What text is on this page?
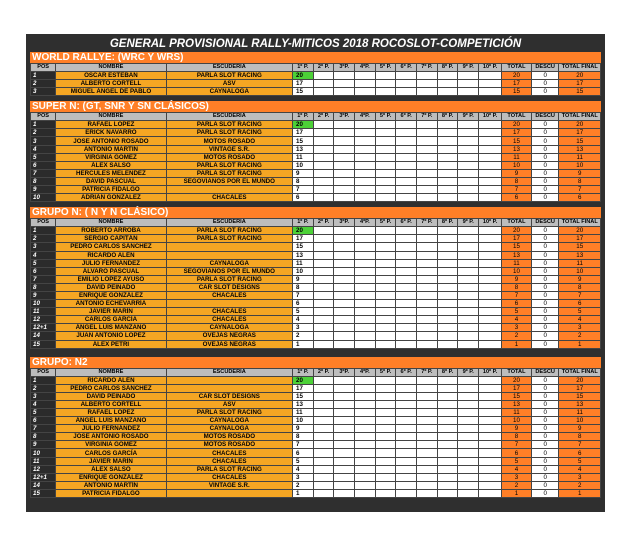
GENERAL PROVISIONAL RALLY-MITICOS 2018 ROCOSLOT-COMPETICIÓN
WORLD RALLYE: (WRC Y WRS)
POS	NOMBRE	ESCUDERIA	1º P.	2º P.	3ºP.	4ºP.	5º P.	6º P.	7º P.	8º P.	9º P.	10º P.	TOTAL	DESCU	TOTAL FINAL
1	OSCAR ESTEBAN	PARLA SLOT RACING	20										20	0	20
2	ALBERTO CORTELL	ASV	17										17	0	17
3	MIGUEL ÁNGEL DE PABLO	CAYNALOGA	15										15	0	15
SUPER N: (GT, SNR Y SN CLÁSICOS)
POS	NOMBRE	ESCUDERIA	1º P.	2º P.	3ºP.	4ºP.	5º P.	6º P.	7º P.	8º P.	9º P.	10º P.	TOTAL	DESCU	TOTAL FINAL
1	RAFAEL LÓPEZ	PARLA SLOT RACING	20										20	0	20
2	ERICK NAVARRO	PARLA SLOT RACING	17										17	0	17
3	JOSE ANTONIO ROSADO	MOTOS ROSADO	15										15	0	15
4	ANTONIO MARTIN	VINTAGE S.R.	13										13	0	13
5	VIRGINIA GÓMEZ	MOTOS ROSADO	11										11	0	11
6	ÁLEX SALSO	PARLA SLOT RACING	10										10	0	10
7	HERCULES MELENDEZ	PARLA SLOT RACING	9										9	0	9
8	DAVID PASCUAL	SEGOVIANOS POR EL MUNDO	8										8	0	8
9	PATRICIA FIDALGO		7										7	0	7
10	ADRIÁN GONZÁLEZ	CHACALES	6										6	0	6
GRUPO N: ( N Y N CLÁSICO)
POS	NOMBRE	ESCUDERIA	1º P.	2º P.	3ºP.	4ºP.	5º P.	6º P.	7º P.	8º P.	9º P.	10º P.	TOTAL	DESCU	TOTAL FINAL
1	ROBERTO ARROBA	PARLA SLOT RACING	20										20	0	20
2	SERGIO CAPITÁN	PARLA SLOT RACING	17										17	0	17
3	PEDRO CARLOS SÁNCHEZ		15										15	0	15
4	RICARDO ALÉN		13										13	0	13
5	JULIO FERNÁNDEZ	CAYNALOGA	11										11	0	11
6	ÁLVARO PASCUAL	SEGOVIANOS POR EL MUNDO	10										10	0	10
7	EMILIO LÓPEZ AYUSO	PARLA SLOT RACING	9										9	0	9
8	DAVID PEINADO	CAR SLOT DESIGNS	8										8	0	8
9	ENRIQUE GONZÁLEZ	CHACALES	7										7	0	7
10	ANTONIO ECHEVARRÍA		6										6	0	6
11	JAVIER MARÍN	CHACALES	5										5	0	5
12	CARLOS GARCÍA	CHACALES	4										4	0	4
12+1	ÁNGEL LUIS MANZANO	CAYNALOGA	3										3	0	3
14	JUAN ANTONIO LÓPEZ	OVEJAS NEGRAS	2										2	0	2
15	ÁLEX PETRI	OVEJAS NEGRAS	1										1	0	1
GRUPO: N2
POS	NOMBRE	ESCUDERIA	1º P.	2º P.	3ºP.	4ºP.	5º P.	6º P.	7º P.	8º P.	9º P.	10º P.	TOTAL	DESCU	TOTAL FINAL
1	RICARDO ALÉN		20										20	0	20
2	PEDRO CARLOS SÁNCHEZ		17										17	0	17
3	DAVID PEINADO	CAR SLOT DESIGNS	15										15	0	15
4	ALBERTO CORTELL	ASV	13										13	0	13
5	RAFAEL LÓPEZ	PARLA SLOT RACING	11										11	0	11
6	ÁNGEL LUIS MANZANO	CAYNALOGA	10										10	0	10
7	JULIO FERNÁNDEZ	CAYNALOGA	9										9	0	9
8	JOSE ANTONIO ROSADO	MOTOS ROSADO	8										8	0	8
9	VIRGINIA GÓMEZ	MOTOS ROSADO	7										7	0	7
10	CARLOS GARCÍA	CHACALES	6										6	0	6
11	JAVIER MARÍN	CHACALES	5										5	0	5
12	ÁLEX SALSO	PARLA SLOT RACING	4										4	0	4
12+1	ENRIQUE GONZÁLEZ	CHACALES	3										3	0	3
14	ANTONIO MARTÍN	VINTAGE S.R.	2										2	0	2
15	PATRICIA FIDALGO		1										1	0	1
